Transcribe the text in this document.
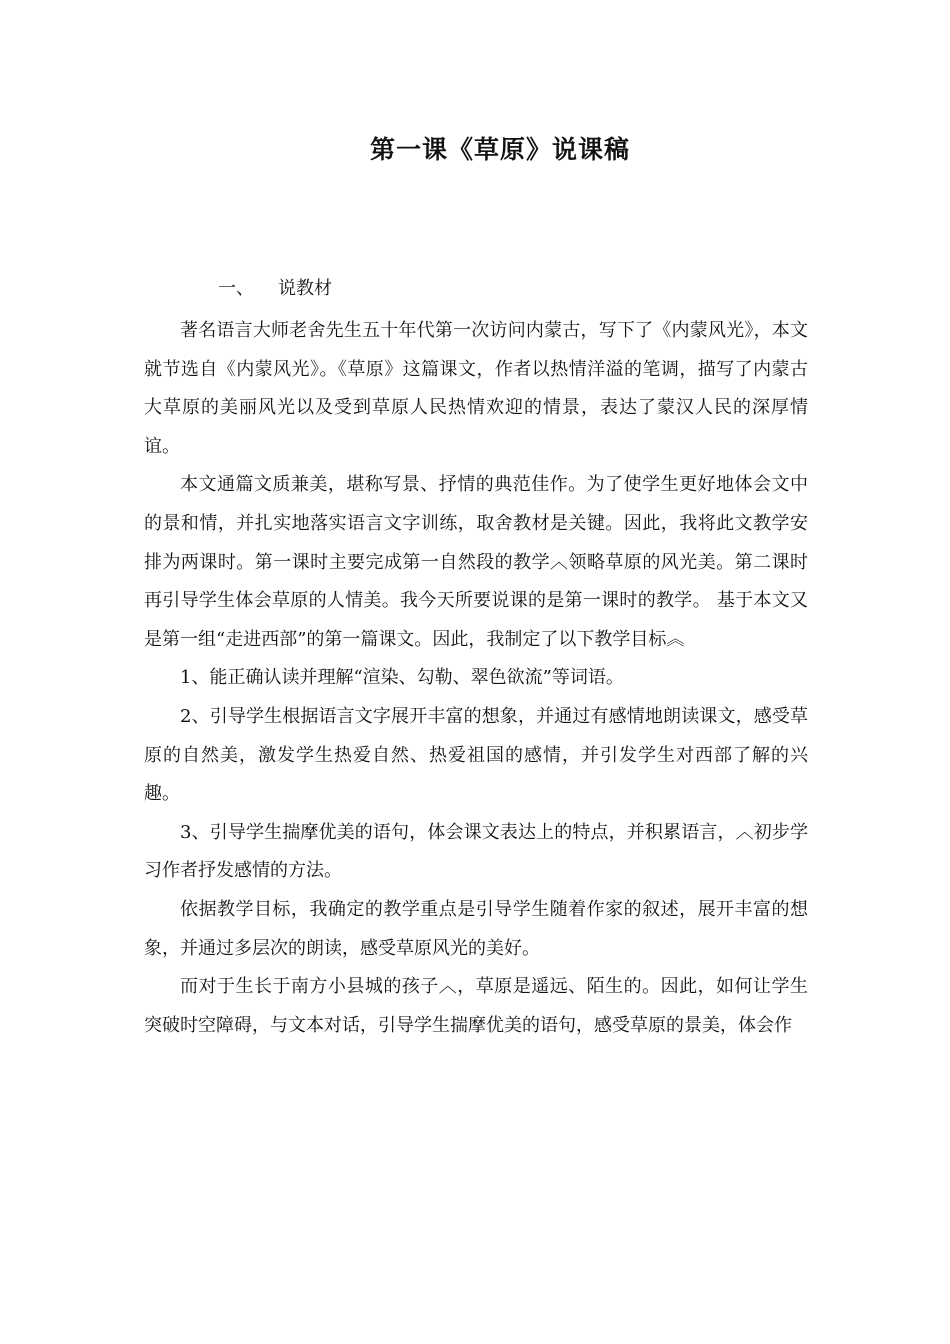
第一课《草原》说课稿
一、 说教材

著名语言大师老舍先生五十年代第一次访问内蒙古，写下了《内蒙风光》，本文就节选自《内蒙风光》。《草原》这篇课文，作者以热情洋溢的笔调，描写了内蒙古大草原的美丽风光以及受到草原人民热情欢迎的情景，表达了蒙汉人民的深厚情谊。

本文通篇文质兼美，堪称写景、抒情的典范佳作。为了使学生更好地体会文中的景和情，并扎实地落实语言文字训练，取舍教材是关键。因此，我将此文教学安排为两课时。第一课时主要完成第一自然段的教学︿领略草原的风光美。第二课时再引导学生体会草原的人情美。我今天所要说课的是第一课时的教学。 基于本文又是第一组“走进西部”的第一篇课文。因此，我制定了以下教学目标︽

1、能正确认读并理解“渲染、勾勒、翠色欲流”等词语。

2、引导学生根据语言文字展开丰富的想象，并通过有感情地朗读课文，感受草原的自然美，激发学生热爱自然、热爱祖国的感情，并引发学生对西部了解的兴趣。

3、引导学生揣摩优美的语句，体会课文表达上的特点，并积累语言，︿初步学习作者抒发感情的方法。

依据教学目标，我确定的教学重点是引导学生随着作家的叙述，展开丰富的想象，并通过多层次的朗读，感受草原风光的美好。

而对于生长于南方小县城的孩子︿，草原是遥远、陌生的。因此，如何让学生突破时空障碍，与文本对话，引导学生揣摩优美的语句，感受草原的景美，体会作
